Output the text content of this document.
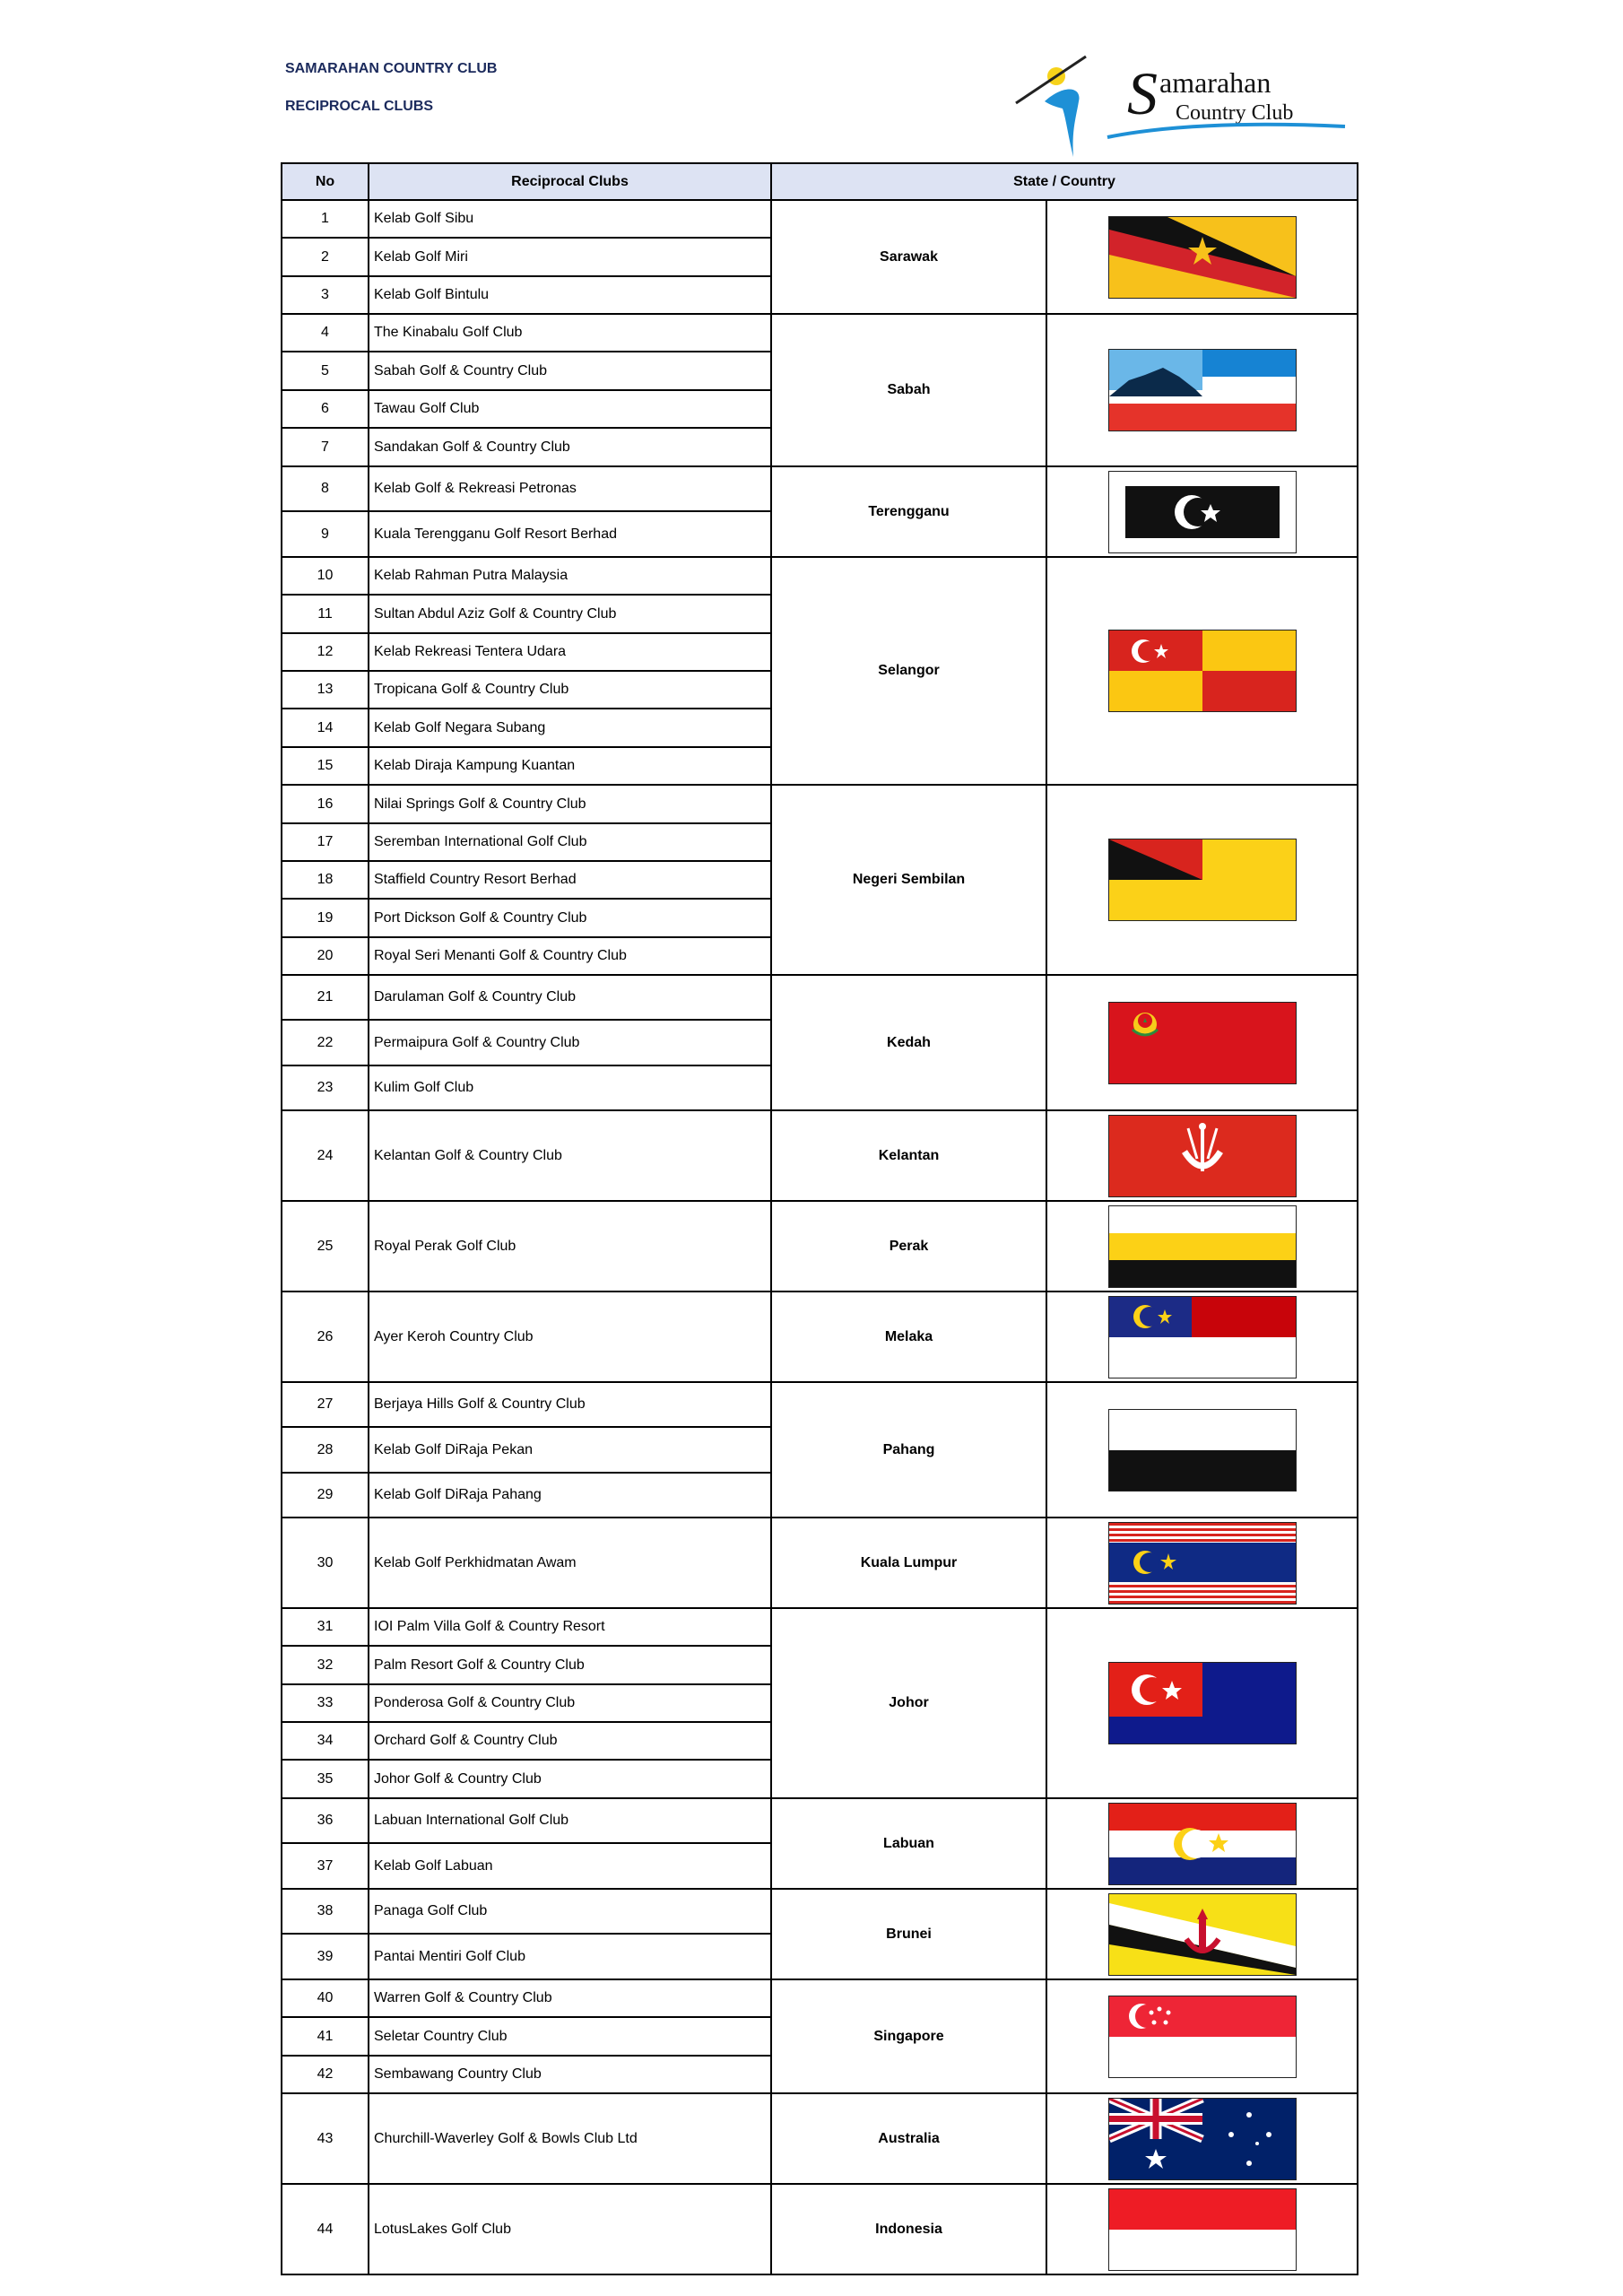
SAMARAHAN COUNTRY CLUB
RECIPROCAL CLUBS	S amarahan
Country Club
No	Reciprocal Clubs	State / Country	
1	Kelab Golf Sibu	Sarawak	

2	Kelab Golf Miri		
3	Kelab Golf Bintulu		
4	The Kinabalu Golf Club	Sabah	

5	Sabah Golf & Country Club		
6	Tawau Golf Club		
7	Sandakan Golf & Country Club		
8	Kelab Golf & Rekreasi Petronas	Terengganu	

9	Kuala Terengganu Golf Resort Berhad		
10	Kelab Rahman Putra Malaysia	Selangor	

11	Sultan Abdul Aziz Golf & Country Club		
12	Kelab Rekreasi Tentera Udara		
13	Tropicana Golf & Country Club		
14	Kelab Golf Negara Subang		
15	Kelab Diraja Kampung Kuantan		
16	Nilai Springs Golf & Country Club	Negeri Sembilan	

17	Seremban International Golf Club		
18	Staffield Country Resort Berhad		
19	Port Dickson Golf & Country Club		
20	Royal Seri Menanti Golf & Country Club		
21	Darulaman Golf & Country Club	Kedah	

22	Permaipura Golf & Country Club		
23	Kulim Golf Club		
24	Kelantan Golf & Country Club	Kelantan	

25	Royal Perak Golf Club	Perak	

26	Ayer Keroh Country Club	Melaka	

27	Berjaya Hills Golf & Country Club	Pahang	

28	Kelab Golf DiRaja Pekan		
29	Kelab Golf DiRaja Pahang		
30	Kelab Golf Perkhidmatan Awam	Kuala Lumpur	

31	IOI Palm Villa Golf & Country Resort	Johor	

32	Palm Resort Golf & Country Club		
33	Ponderosa Golf & Country Club		
34	Orchard Golf & Country Club		
35	Johor Golf & Country Club		
36	Labuan International Golf Club	Labuan	

37	Kelab Golf Labuan		
38	Panaga Golf Club	Brunei	

39	Pantai Mentiri Golf Club		
40	Warren Golf & Country Club	Singapore	

41	Seletar Country Club		
42	Sembawang Country Club		
43	Churchill-Waverley Golf & Bowls Club Ltd	Australia	

44	LotusLakes Golf Club	Indonesia	
